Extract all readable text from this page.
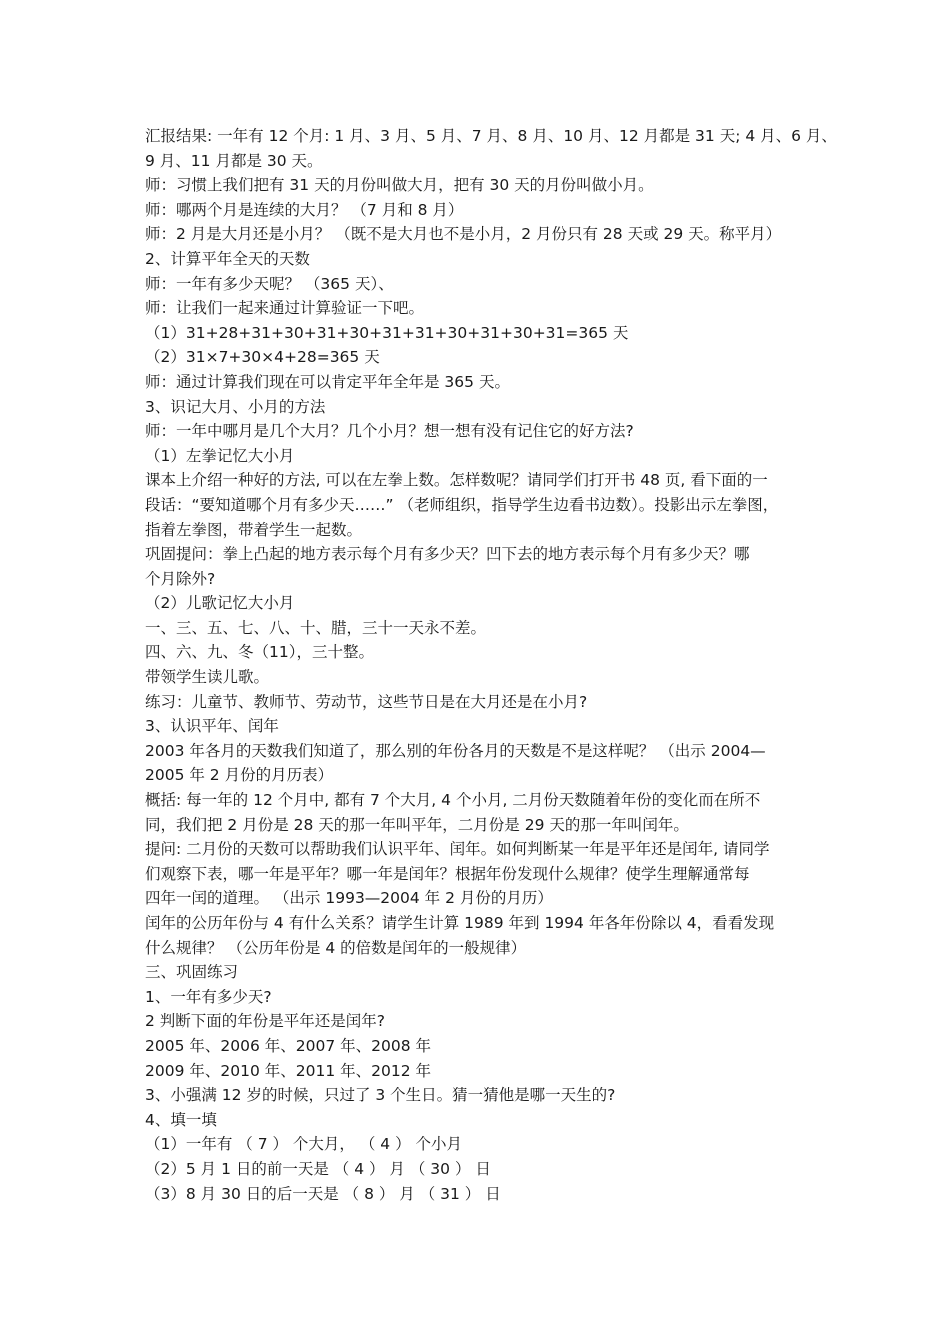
汇报结果: 一年有 12 个月: 1 月、3 月、5 月、7 月、8 月、10 月、12 月都是 31 天; 4 月、6 月、
9 月、11 月都是 30 天。
师：习惯上我们把有 31 天的月份叫做大月，把有 30 天的月份叫做小月。
师：哪两个月是连续的大月？ （7 月和 8 月）
师：2 月是大月还是小月？ （既不是大月也不是小月，2 月份只有 28 天或 29 天。称平月）
2、计算平年全天的天数
师：一年有多少天呢？ （365 天）、
师：让我们一起来通过计算验证一下吧。
（1）31+28+31+30+31+30+31+31+30+31+30+31=365 天
（2）31×7+30×4+28=365 天
师：通过计算我们现在可以肯定平年全年是 365 天。
3、识记大月、小月的方法
师：一年中哪月是几个大月？几个小月？想一想有没有记住它的好方法?
（1）左拳记忆大小月
课本上介绍一种好的方法, 可以在左拳上数。怎样数呢？请同学们打开书 48 页, 看下面的一
段话：“要知道哪个月有多少天……” （老师组织，指导学生边看书边数）。投影出示左拳图，
指着左拳图，带着学生一起数。
巩固提问：拳上凸起的地方表示每个月有多少天？凹下去的地方表示每个月有多少天？哪
个月除外?
（2）儿歌记忆大小月
一、三、五、七、八、十、腊，三十一天永不差。
四、六、九、冬（11），三十整。
带领学生读儿歌。
练习：儿童节、教师节、劳动节，这些节日是在大月还是在小月?
3、认识平年、闰年
2003 年各月的天数我们知道了，那么别的年份各月的天数是不是这样呢？ （出示 2004—
2005 年 2 月份的月历表）
概括: 每一年的 12 个月中, 都有 7 个大月, 4 个小月, 二月份天数随着年份的变化而在所不
同，我们把 2 月份是 28 天的那一年叫平年，二月份是 29 天的那一年叫闰年。
提问: 二月份的天数可以帮助我们认识平年、闰年。如何判断某一年是平年还是闰年, 请同学
们观察下表，哪一年是平年？哪一年是闰年？根据年份发现什么规律？使学生理解通常每
四年一闰的道理。 （出示 1993—2004 年 2 月份的月历）
闰年的公历年份与 4 有什么关系？请学生计算 1989 年到 1994 年各年份除以 4，看看发现
什么规律？ （公历年份是 4 的倍数是闰年的一般规律）
三、巩固练习
1、一年有多少天?
2 判断下面的年份是平年还是闰年?
2005 年、2006 年、2007 年、2008 年
2009 年、2010 年、2011 年、2012 年
3、小强满 12 岁的时候，只过了 3 个生日。猜一猜他是哪一天生的?
4、填一填
（1）一年有 （ 7 ） 个大月， （ 4 ） 个小月
（2）5 月 1 日的前一天是 （ 4 ） 月 （ 30 ） 日
（3）8 月 30 日的后一天是 （ 8 ） 月 （ 31 ） 日
